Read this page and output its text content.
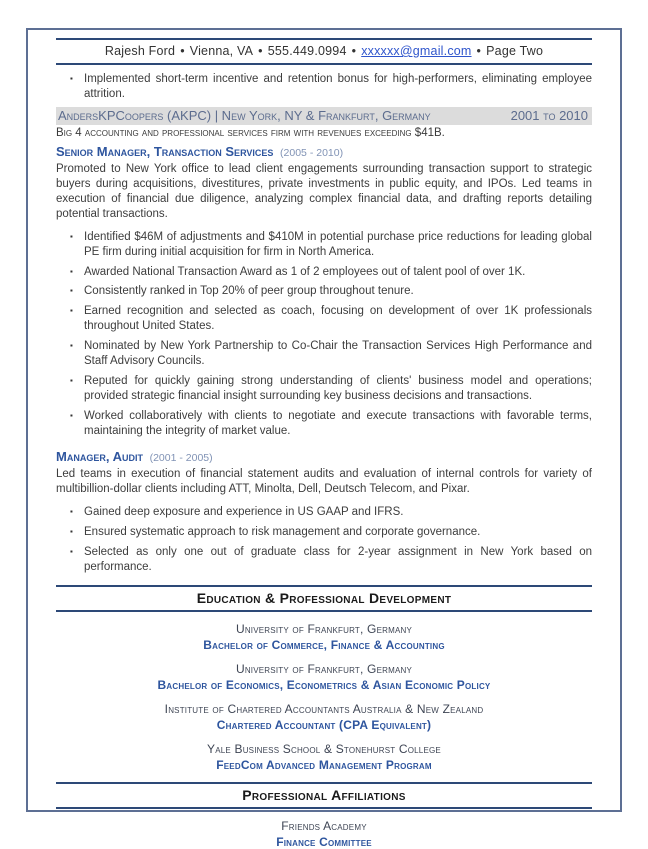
Rajesh Ford • Vienna, VA • 555.449.0994 • xxxxxx@gmail.com • Page Two
▪ Implemented short-term incentive and retention bonus for high-performers, eliminating employee attrition.
AndersKPCoopers (AKPC) | New York, NY & Frankfurt, Germany	2001 to 2010
Big 4 accounting and professional services firm with revenues exceeding $41B.
Senior Manager, Transaction Services (2005 - 2010)

Promoted to New York office to lead client engagements surrounding transaction support to strategic buyers during acquisitions, divestitures, private investments in public equity, and IPOs. Led teams in execution of financial due diligence, analyzing complex financial data, and drafting reports detailing potential transactions.

▪ Identified $46M of adjustments and $410M in potential purchase price reductions for leading global PE firm during initial acquisition for firm in North America.
▪ Awarded National Transaction Award as 1 of 2 employees out of talent pool of over 1K.
▪ Consistently ranked in Top 20% of peer group throughout tenure.
▪ Earned recognition and selected as coach, focusing on development of over 1K professionals throughout United States.
▪ Nominated by New York Partnership to Co-Chair the Transaction Services High Performance and Staff Advisory Councils.
▪ Reputed for quickly gaining strong understanding of clients' business model and operations; provided strategic financial insight surrounding key business decisions and transactions.
▪ Worked collaboratively with clients to negotiate and execute transactions with favorable terms, maintaining the integrity of market value.
Manager, Audit (2001 - 2005)

Led teams in execution of financial statement audits and evaluation of internal controls for variety of multibillion-dollar clients including ATT, Minolta, Dell, Deutsch Telecom, and Pixar.

▪ Gained deep exposure and experience in US GAAP and IFRS.
▪ Ensured systematic approach to risk management and corporate governance.
▪ Selected as only one out of graduate class for 2-year assignment in New York based on performance.
Education & Professional Development
University of Frankfurt, Germany
Bachelor of Commerce, Finance & Accounting
University of Frankfurt, Germany
Bachelor of Economics, Econometrics & Asian Economic Policy
Institute of Chartered Accountants Australia & New Zealand
Chartered Accountant (CPA Equivalent)
Yale Business School & Stonehurst College
FeedCom Advanced Management Program
Professional Affiliations
Friends Academy
Finance Committee
